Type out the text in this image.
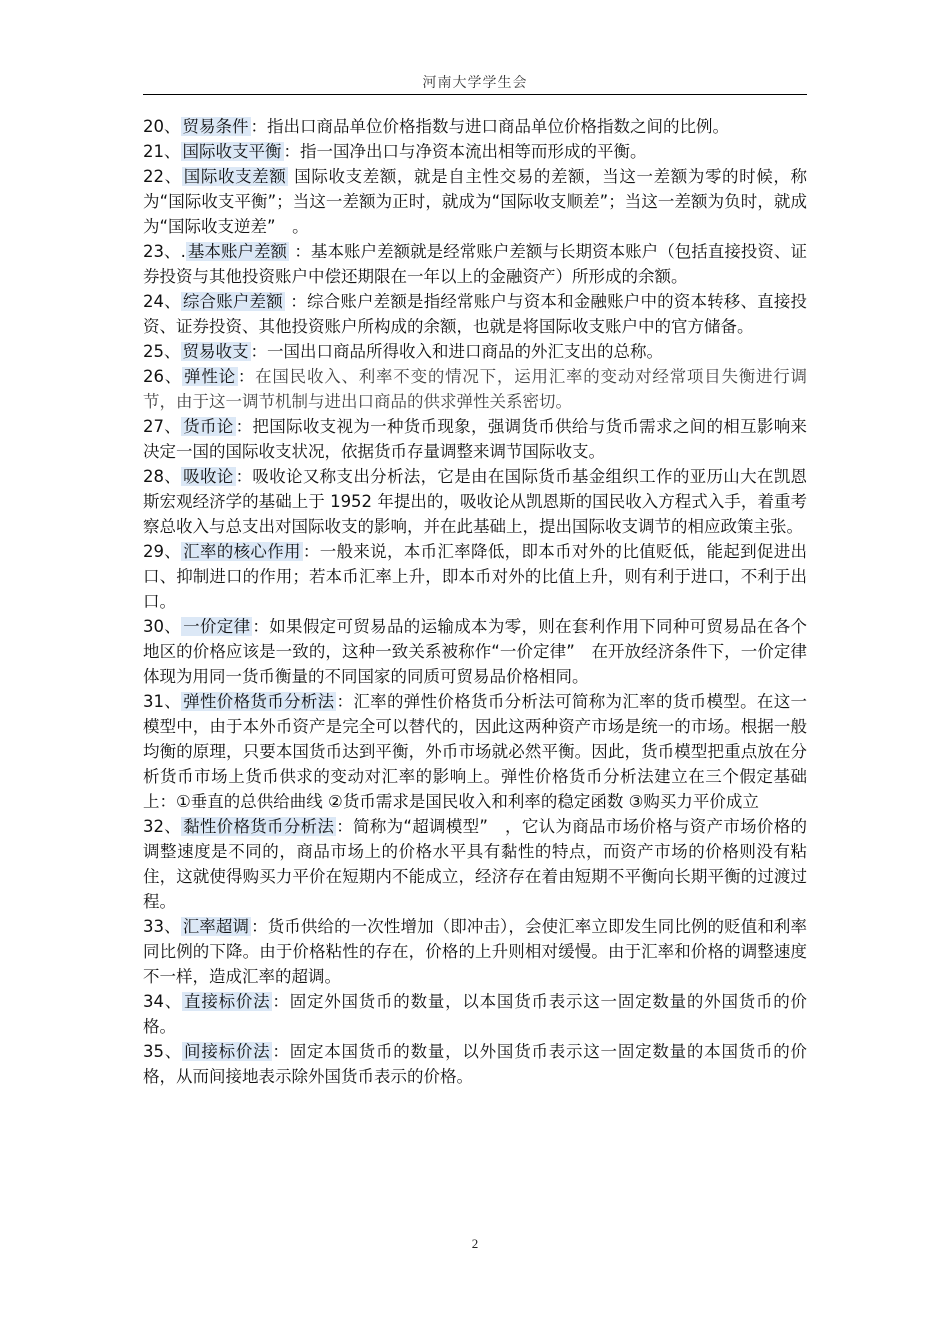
河南大学学生会

20、 贸易条件 ：指出口商品单位价格指数与进口商品单位价格指数之间的比例。

21、 国际收支平衡 ：指一国净出口与净资本流出相等而形成的平衡。

22、 国际收支差额 国际收支差额，就是自主性交易的差额，当这一差额为零的时候，称为“国际收支平衡”；当这一差额为正时，就成为“国际收支顺差”；当这一差额为负时，就成为“国际收支逆差”　。

23、. 基本账户差额 ：基本账户差额就是经常账户差额与长期资本账户（包括直接投资、证券投资与其他投资账户中偿还期限在一年以上的金融资产）所形成的余额。

24、 综合账户差额 ：综合账户差额是指经常账户与资本和金融账户中的资本转移、直接投资、证券投资、其他投资账户所构成的余额，也就是将国际收支账户中的官方储备。

25、 贸易收支 ：一国出口商品所得收入和进口商品的外汇支出的总称。

26、 弹性论 ：在国民收入、利率不变的情况下，运用汇率的变动对经常项目失衡进行调节，由于这一调节机制与进出口商品的供求弹性关系密切。

27、 货币论 ：把国际收支视为一种货币现象，强调货币供给与货币需求之间的相互影响来决定一国的国际收支状况，依据货币存量调整来调节国际收支。

28、 吸收论 ：吸收论又称支出分析法，它是由在国际货币基金组织工作的亚历山大在凯恩斯宏观经济学的基础上于 1952 年提出的，吸收论从凯恩斯的国民收入方程式入手，着重考察总收入与总支出对国际收支的影响，并在此基础上，提出国际收支调节的相应政策主张。

29、 汇率的核心作用 ：一般来说，本币汇率降低，即本币对外的比值贬低，能起到促进出口、抑制进口的作用；若本币汇率上升，即本币对外的比值上升，则有利于进口，不利于出口。

30、 一价定律 ：如果假定可贸易品的运输成本为零，则在套利作用下同种可贸易品在各个地区的价格应该是一致的，这种一致关系被称作“一价定律”　在开放经济条件下，一价定律体现为用同一货币衡量的不同国家的同质可贸易品价格相同。

31、 弹性价格货币分析法 ：汇率的弹性价格货币分析法可简称为汇率的货币模型。在这一模型中，由于本外币资产是完全可以替代的，因此这两种资产市场是统一的市场。根据一般均衡的原理，只要本国货币达到平衡，外币市场就必然平衡。因此，货币模型把重点放在分析货币市场上货币供求的变动对汇率的影响上。弹性价格货币分析法建立在三个假定基础上：①垂直的总供给曲线 ②货币需求是国民收入和利率的稳定函数 ③购买力平价成立

32、 黏性价格货币分析法 ：简称为“超调模型”　，它认为商品市场价格与资产市场价格的调整速度是不同的，商品市场上的价格水平具有黏性的特点，而资产市场的价格则没有粘住，这就使得购买力平价在短期内不能成立，经济存在着由短期不平衡向长期平衡的过渡过程。

33、 汇率超调 ：货币供给的一次性增加（即冲击），会使汇率立即发生同比例的贬值和利率同比例的下降。由于价格粘性的存在，价格的上升则相对缓慢。由于汇率和价格的调整速度不一样，造成汇率的超调。

34、 直接标价法 ：固定外国货币的数量，以本国货币表示这一固定数量的外国货币的价格。

35、 间接标价法 ：固定本国货币的数量，以外国货币表示这一固定数量的本国货币的价格，从而间接地表示除外国货币表示的价格。

2
